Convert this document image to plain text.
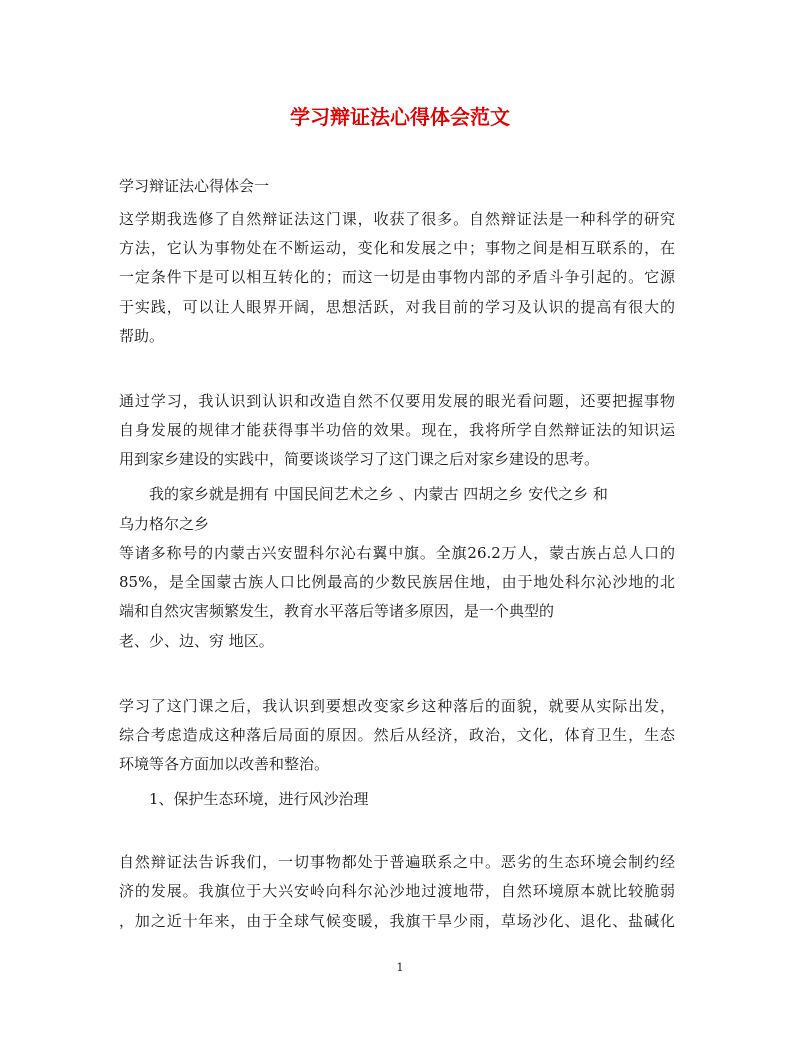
学习辩证法心得体会范文
学习辩证法心得体会一
这学期我选修了自然辩证法这门课，收获了很多。自然辩证法是一种科学的研究
方法，它认为事物处在不断运动，变化和发展之中；事物之间是相互联系的，在
一定条件下是可以相互转化的；而这一切是由事物内部的矛盾斗争引起的。它源
于实践，可以让人眼界开阔，思想活跃，对我目前的学习及认识的提高有很大的
帮助。
通过学习，我认识到认识和改造自然不仅要用发展的眼光看问题，还要把握事物
自身发展的规律才能获得事半功倍的效果。现在，我将所学自然辩证法的知识运
用到家乡建设的实践中，简要谈谈学习了这门课之后对家乡建设的思考。
　　我的家乡就是拥有 中国民间艺术之乡 、内蒙古 四胡之乡 安代之乡 和
乌力格尔之乡
等诸多称号的内蒙古兴安盟科尔沁右翼中旗。全旗26.2万人，蒙古族占总人口的
85%，是全国蒙古族人口比例最高的少数民族居住地，由于地处科尔沁沙地的北
端和自然灾害频繁发生，教育水平落后等诸多原因，是一个典型的
老、少、边、穷 地区。
学习了这门课之后，我认识到要想改变家乡这种落后的面貌，就要从实际出发，
综合考虑造成这种落后局面的原因。然后从经济，政治，文化，体育卫生，生态
环境等各方面加以改善和整治。
　　1、保护生态环境，进行风沙治理
自然辩证法告诉我们，一切事物都处于普遍联系之中。恶劣的生态环境会制约经
济的发展。我旗位于大兴安岭向科尔沁沙地过渡地带，自然环境原本就比较脆弱
，加之近十年来，由于全球气候变暖，我旗干旱少雨，草场沙化、退化、盐碱化
1
